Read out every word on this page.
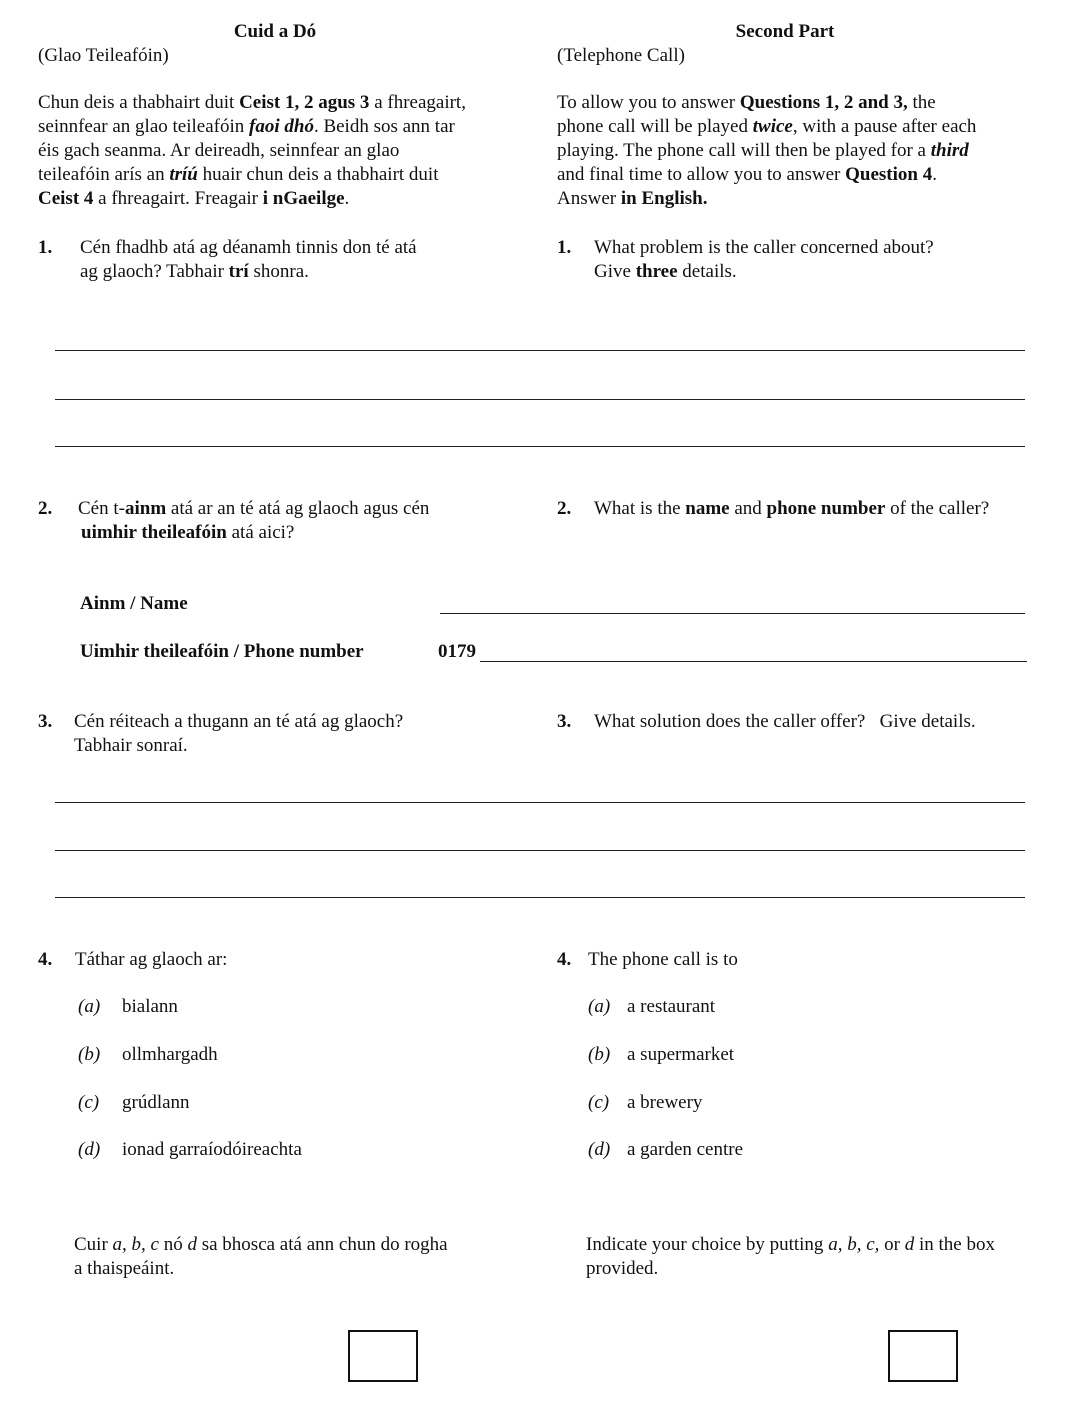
Cuid a Dó
(Glao Teileafóin)
Second Part
(Telephone Call)
Chun deis a thabhairt duit Ceist 1, 2 agus 3 a fhreagairt,
seinnfear an glao teileafóin faoi dhó. Beidh sos ann tar
éis gach seanma. Ar deireadh, seinnfear an glao
teileafóin arís an tríú huair chun deis a thabhairt duit
Ceist 4 a fhreagairt. Freagair i nGaeilge.
To allow you to answer Questions 1, 2 and 3, the
phone call will be played twice, with a pause after each
playing. The phone call will then be played for a third
and final time to allow you to answer Question 4.
Answer in English.
1. Cén fhadhb atá ag déanamh tinnis don té atá
ag glaoch? Tabhair trí shonra.
1. What problem is the caller concerned about?
Give three details.
2. Cén t-ainm atá ar an té atá ag glaoch agus cén
uimhir theileafóin atá aici?
2. What is the name and phone number of the caller?
Ainm / Name
Uimhir theileafóin / Phone number	0179
3. Cén réiteach a thugann an té atá ag glaoch?
Tabhair sonraí.
3. What solution does the caller offer?   Give details.
4. Táthar ag glaoch ar:	4. The phone call is to
(a) bialann
(b) ollmhargadh
(c) grúdlann
(d) ionad garraíodóireachta
(a) a restaurant
(b) a supermarket
(c) a brewery
(d) a garden centre
Cuir a, b, c nó d sa bhosca atá ann chun do rogha
a thaispeáint.
Indicate your choice by putting a, b, c, or d in the box
provided.
